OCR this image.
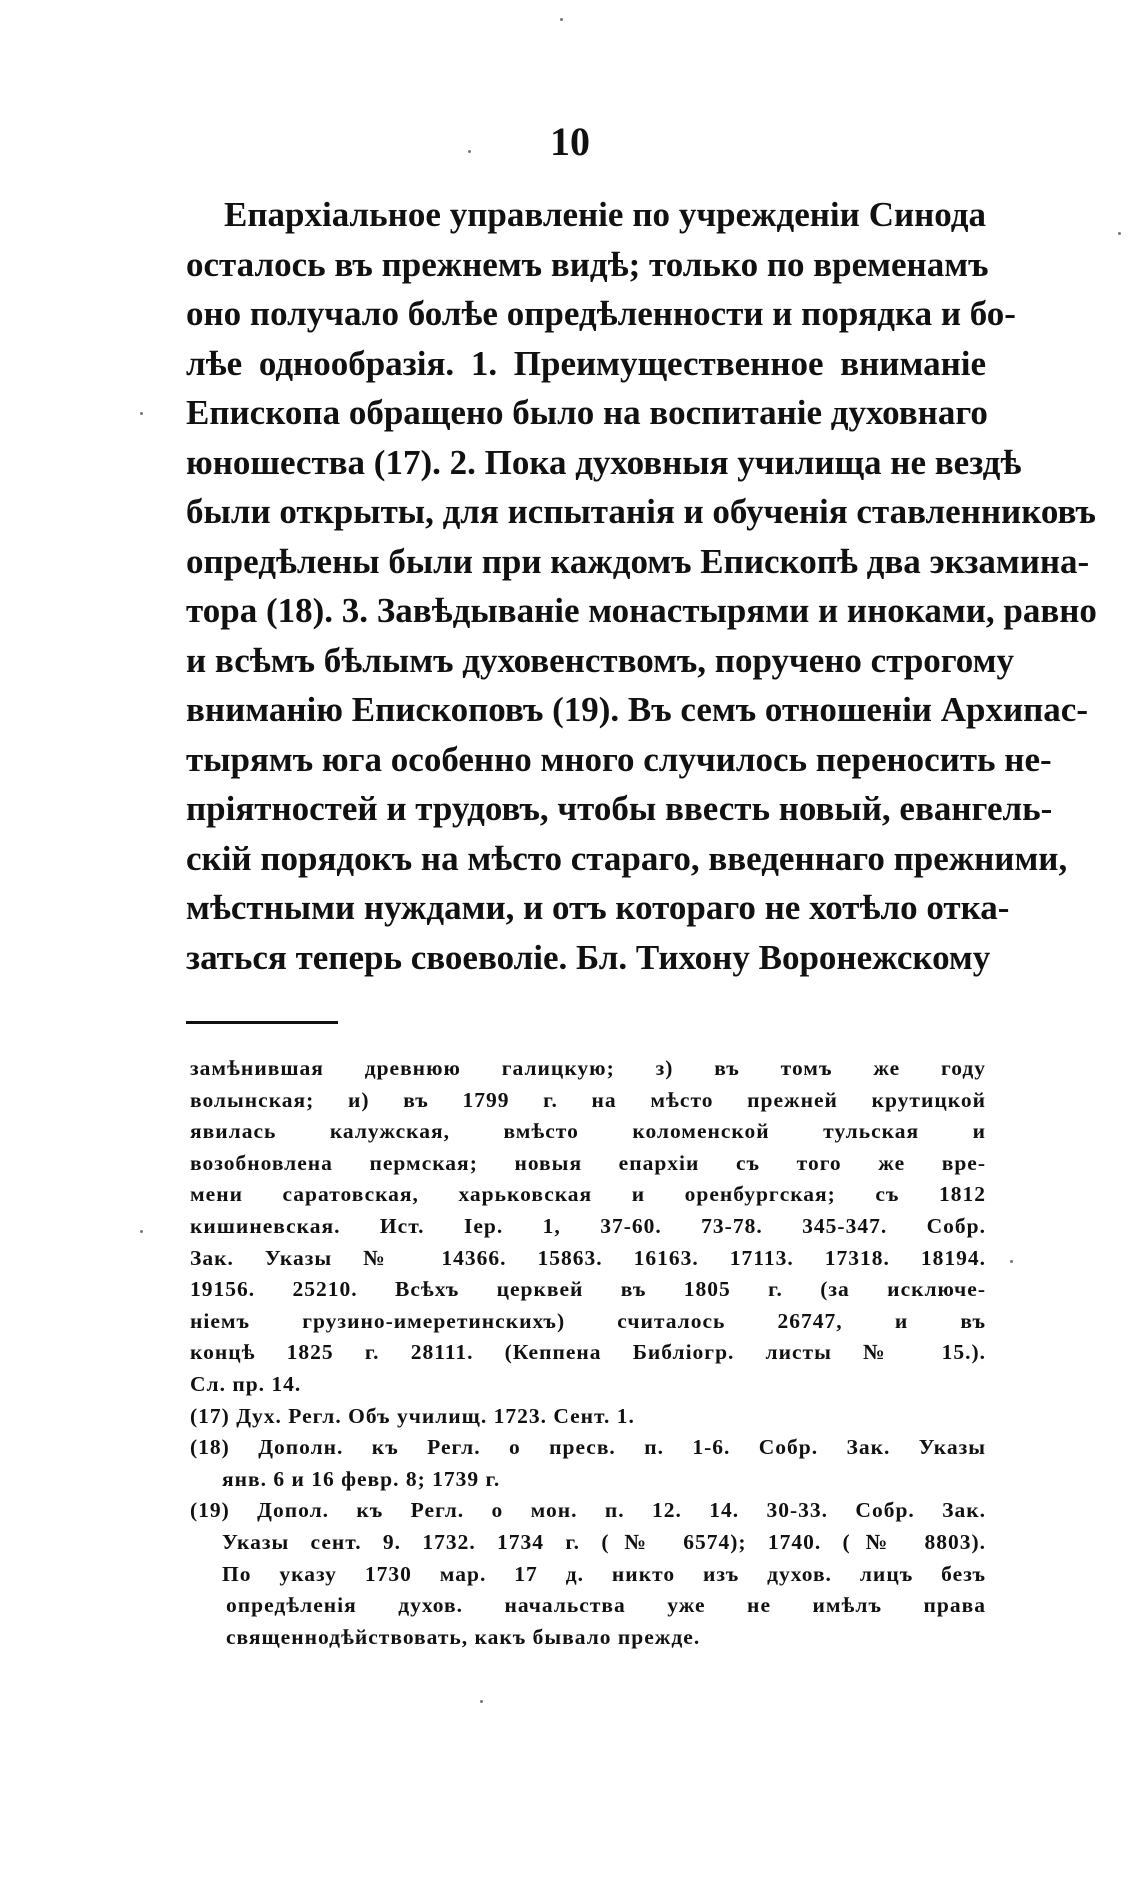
10
Епархіальное управленіе по учрежденіи Синода
осталось въ прежнемъ видѣ; только по временамъ
оно получало болѣе опредѣленности и порядка и бо-
лѣе однообразія. 1. Преимущественное вниманіе
Епископа обращено было на воспитаніе духовнаго
юношества (17). 2. Пока духовныя училища не вездѣ
были открыты, для испытанія и обученія ставленниковъ
опредѣлены были при каждомъ Епископѣ два экзамина-
тора (18). 3. Завѣдываніе монастырями и иноками, равно
и всѣмъ бѣлымъ духовенствомъ, поручено строгому
вниманію Епископовъ (19). Въ семъ отношеніи Архипас-
тырямъ юга особенно много случилось переносить не-
пріятностей и трудовъ, чтобы ввесть новый, евангель-
скій порядокъ на мѣсто стараго, введеннаго прежними,
мѣстными нуждами, и отъ котораго не хотѣло отка-
заться теперь своеволіе. Бл. Тихону Воронежскому
замѣнившая древнюю галицкую; з) въ томъ же году
волынская; и) въ 1799 г. на мѣсто прежней крутицкой
явилась калужская, вмѣсто коломенской тульская и
возобновлена пермская; новыя епархіи съ того же вре-
мени саратовская, харьковская и оренбургская; съ 1812
кишиневская. Ист. Іер. 1, 37-60. 73-78. 345-347. Собр.
Зак. Указы № 14366. 15863. 16163. 17113. 17318. 18194.
19156. 25210. Всѣхъ церквей въ 1805 г. (за исключе-
ніемъ грузино-имеретинскихъ) считалось 26747, и въ
концѣ 1825 г. 28111. (Кеппена Библіогр. листы № 15.).
Сл. пр. 14.
(17) Дух. Регл. Объ училищ. 1723. Сент. 1.
(18) Дополн. къ Регл. о пресв. п. 1-6. Собр. Зак. Указы
янв. 6 и 16 февр. 8; 1739 г.
(19) Допол. къ Регл. о мон. п. 12. 14. 30-33. Собр. Зак.
Указы сент. 9. 1732. 1734 г. (№ 6574); 1740. (№ 8803).
По указу 1730 мар. 17 д. никто изъ духов. лицъ безъ
опредѣленія духов. начальства уже не имѣлъ права
священнодѣйствовать, какъ бывало прежде.
